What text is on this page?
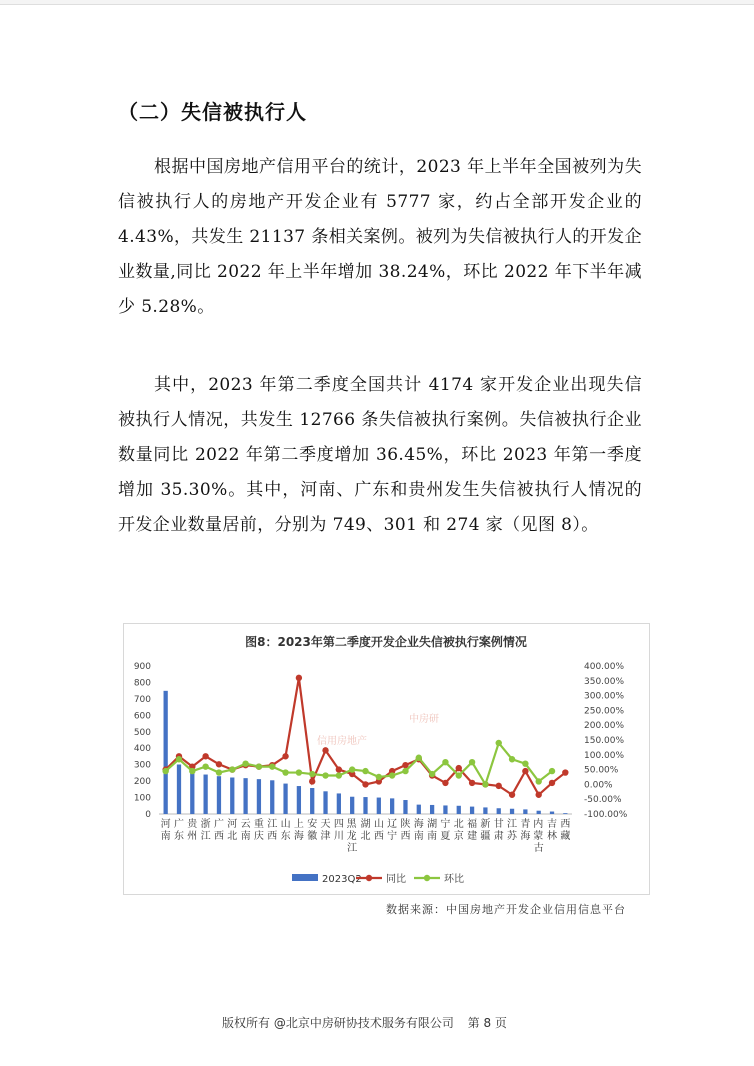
（二）失信被执行人

根据中国房地产信用平台的统计，2023 年上半年全国被列为失信被执行人的房地产开发企业有 5777 家，约占全部开发企业的 4.43%，共发生 21137 条相关案例。被列为失信被执行人的开发企业数量,同比 2022 年上半年增加 38.24%，环比 2022 年下半年减少 5.28%。

其中，2023 年第二季度全国共计 4174 家开发企业出现失信被执行人情况，共发生 12766 条失信被执行案例。失信被执行企业数量同比 2022 年第二季度增加 36.45%，环比 2023 年第一季度增加 35.30%。其中，河南、广东和贵州发生失信被执行人情况的开发企业数量居前，分别为 749、301 和 274 家（见图 8）。

图8：2023年第二季度开发企业失信被执行案例情况
信用房地产
中房研
0
100
200
300
400
500
600
700
800
900
-100.00%
-50.00%
0.00%
50.00%
100.00%
150.00%
200.00%
250.00%
300.00%
350.00%
400.00%
河
南
广
东
贵
州
浙
江
广
西
河
北
云
南
重
庆
江
西
山
东
上
海
安
徽
天
津
四
川
黑
龙
江
湖
北
山
西
辽
宁
陕
西
海
南
湖
南
宁
夏
北
京
福
建
新
疆
甘
肃
江
苏
青
海
内
蒙
古
吉
林
西
藏
2023Q2 同比	环比
数据来源：中国房地产开发企业信用信息平台
版权所有 @北京中房研协技术服务有限公司 第 8 页
